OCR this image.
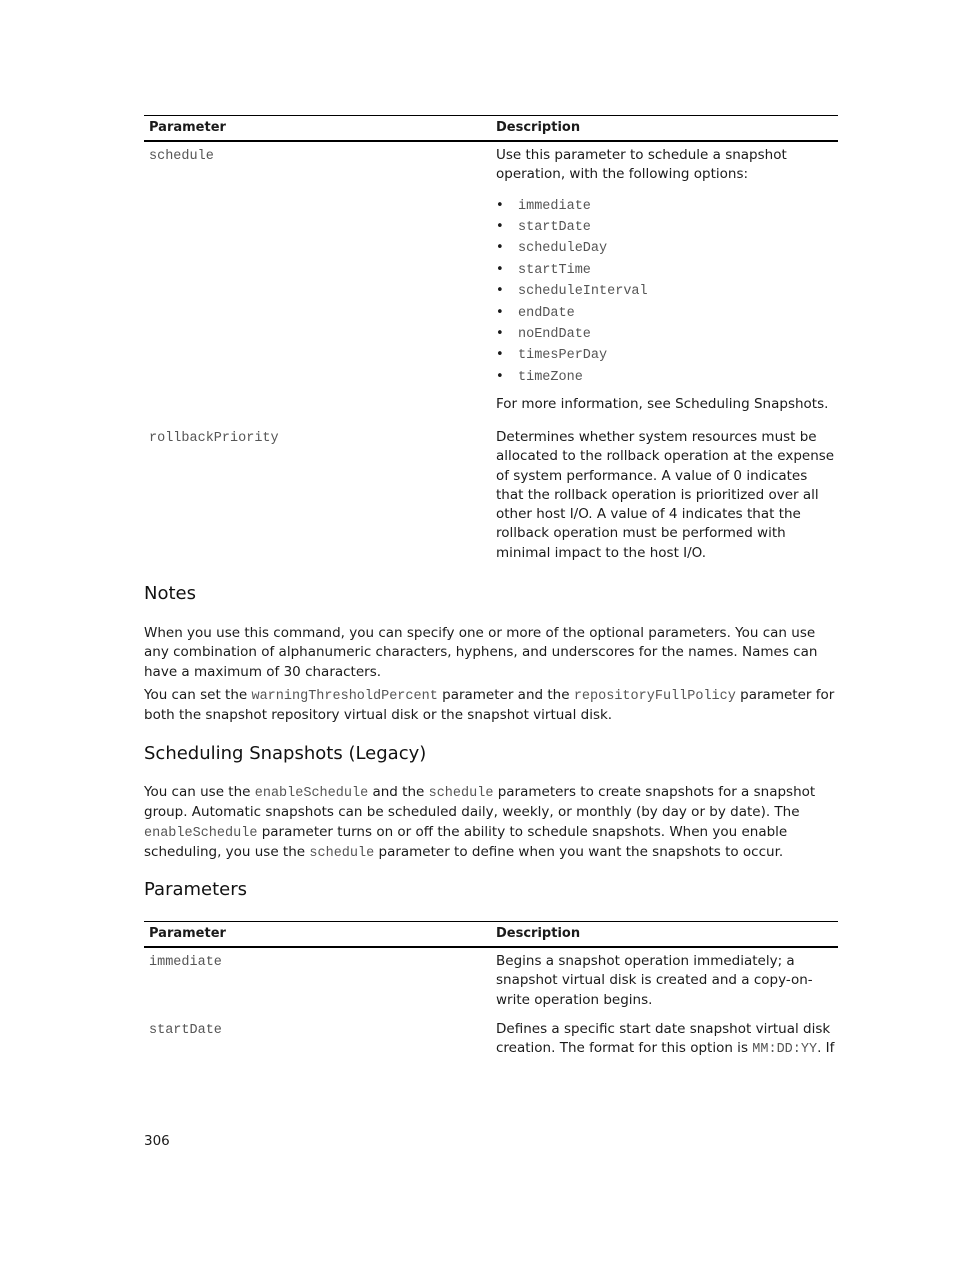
Parameter	Description
schedule	Use this parameter to schedule a snapshot operation, with the following options:

• immediate
• startDate
• scheduleDay
• startTime
• scheduleInterval
• endDate
• noEndDate
• timesPerDay
• timeZone

For more information, see Scheduling Snapshots.

rollbackPriority	Determines whether system resources must be allocated to the rollback operation at the expense of system performance. A value of 0 indicates that the rollback operation is prioritized over all other host I/O. A value of 4 indicates that the rollback operation must be performed with minimal impact to the host I/O.

Notes

When you use this command, you can specify one or more of the optional parameters. You can use any combination of alphanumeric characters, hyphens, and underscores for the names. Names can have a maximum of 30 characters.

You can set the warningThresholdPercent parameter and the repositoryFullPolicy parameter for both the snapshot repository virtual disk or the snapshot virtual disk.

Scheduling Snapshots (Legacy)

You can use the enableSchedule and the schedule parameters to create snapshots for a snapshot group. Automatic snapshots can be scheduled daily, weekly, or monthly (by day or by date). The enableSchedule parameter turns on or off the ability to schedule snapshots. When you enable scheduling, you use the schedule parameter to define when you want the snapshots to occur.

Parameters
Parameter	Description
immediate	Begins a snapshot operation immediately; a snapshot virtual disk is created and a copy-on-write operation begins.

startDate	Defines a specific start date snapshot virtual disk creation. The format for this option is MM:DD:YY. If

306
